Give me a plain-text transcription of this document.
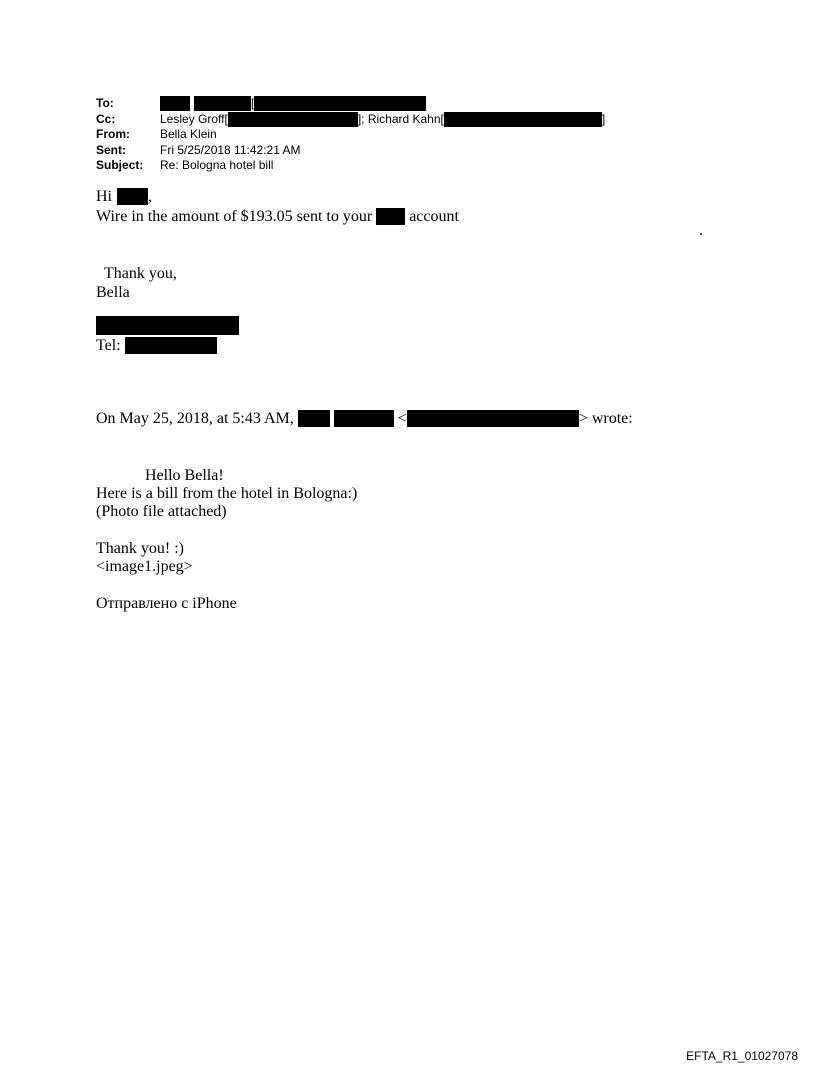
To:	[
Cc:	Lesley Groff[	]; Richard Kahn[	]
From:	Bella Klein
Sent:	Fri 5/25/2018 11:42:21 AM
Subject: Re: Bologna hotel bill
Hi ,
Wire in the amount of $193.05 sent to your account
.
Thank you,
Bella
Tel:
On May 25, 2018, at 5:43 AM,	<	> wrote:
Hello Bella!
Here is a bill from the hotel in Bologna:)
(Photo file attached)
Thank you! :)
<image1.jpeg>
Отправлено с iPhone
EFTA_R1_01027078
